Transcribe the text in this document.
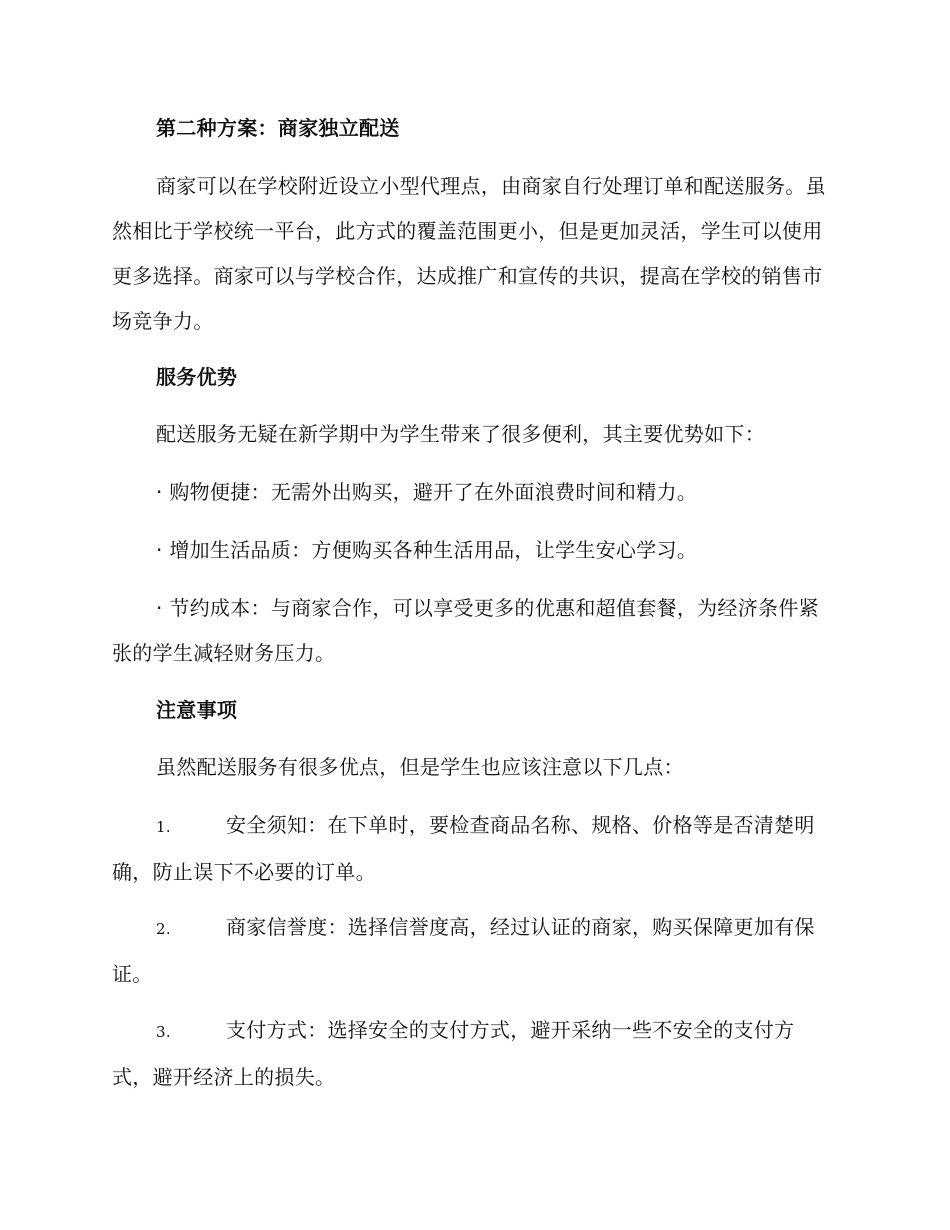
第二种方案：商家独立配送
商家可以在学校附近设立小型代理点，由商家自行处理订单和配送服务。虽然相比于学校统一平台，此方式的覆盖范围更小，但是更加灵活，学生可以使用更多选择。商家可以与学校合作，达成推广和宣传的共识，提高在学校的销售市场竞争力。
服务优势
配送服务无疑在新学期中为学生带来了很多便利，其主要优势如下：
· 购物便捷：无需外出购买，避开了在外面浪费时间和精力。
· 增加生活品质：方便购买各种生活用品，让学生安心学习。
· 节约成本：与商家合作，可以享受更多的优惠和超值套餐，为经济条件紧张的学生减轻财务压力。
注意事项
虽然配送服务有很多优点，但是学生也应该注意以下几点：
1.	安全须知：在下单时，要检查商品名称、规格、价格等是否清楚明确，防止误下不必要的订单。
2.	商家信誉度：选择信誉度高，经过认证的商家，购买保障更加有保证。
3.	支付方式：选择安全的支付方式，避开采纳一些不安全的支付方式，避开经济上的损失。
